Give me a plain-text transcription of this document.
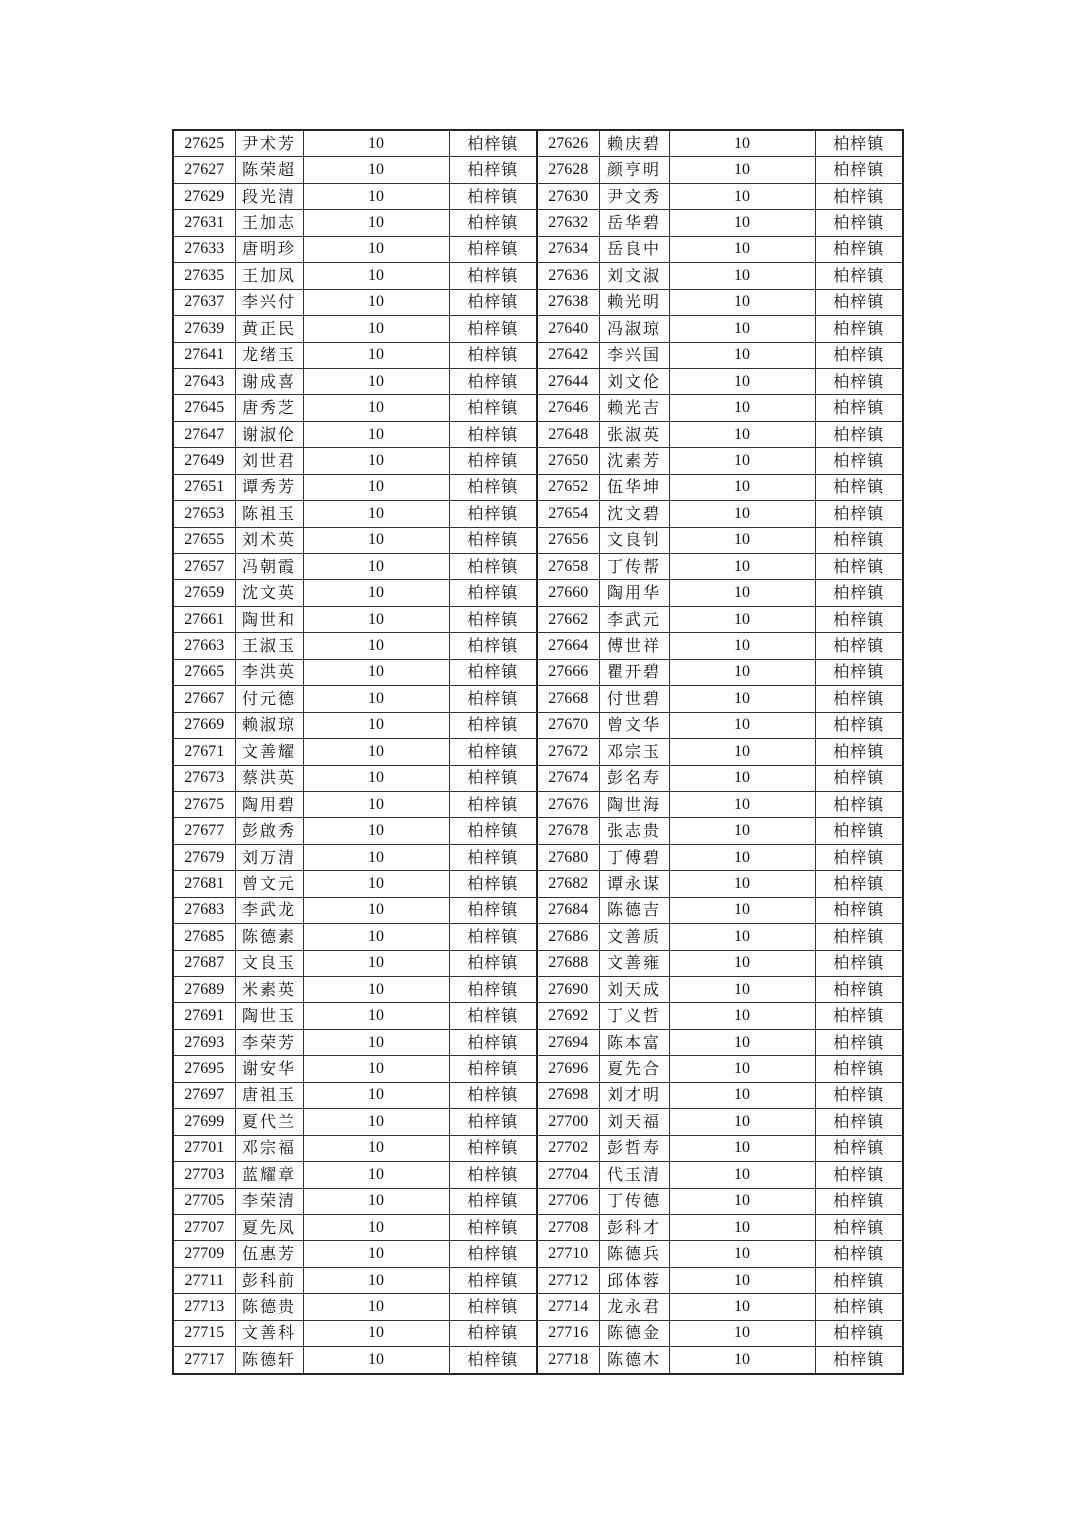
27625	尹术芳	10	柏梓镇	27626	赖庆碧	10	柏梓镇
27627	陈荣超	10	柏梓镇	27628	颜亨明	10	柏梓镇
27629	段光清	10	柏梓镇	27630	尹文秀	10	柏梓镇
27631	王加志	10	柏梓镇	27632	岳华碧	10	柏梓镇
27633	唐明珍	10	柏梓镇	27634	岳良中	10	柏梓镇
27635	王加凤	10	柏梓镇	27636	刘文淑	10	柏梓镇
27637	李兴付	10	柏梓镇	27638	赖光明	10	柏梓镇
27639	黄正民	10	柏梓镇	27640	冯淑琼	10	柏梓镇
27641	龙绪玉	10	柏梓镇	27642	李兴国	10	柏梓镇
27643	谢成喜	10	柏梓镇	27644	刘文伦	10	柏梓镇
27645	唐秀芝	10	柏梓镇	27646	赖光吉	10	柏梓镇
27647	谢淑伦	10	柏梓镇	27648	张淑英	10	柏梓镇
27649	刘世君	10	柏梓镇	27650	沈素芳	10	柏梓镇
27651	谭秀芳	10	柏梓镇	27652	伍华坤	10	柏梓镇
27653	陈祖玉	10	柏梓镇	27654	沈文碧	10	柏梓镇
27655	刘术英	10	柏梓镇	27656	文良钊	10	柏梓镇
27657	冯朝霞	10	柏梓镇	27658	丁传帮	10	柏梓镇
27659	沈文英	10	柏梓镇	27660	陶用华	10	柏梓镇
27661	陶世和	10	柏梓镇	27662	李武元	10	柏梓镇
27663	王淑玉	10	柏梓镇	27664	傅世祥	10	柏梓镇
27665	李洪英	10	柏梓镇	27666	瞿开碧	10	柏梓镇
27667	付元德	10	柏梓镇	27668	付世碧	10	柏梓镇
27669	赖淑琼	10	柏梓镇	27670	曾文华	10	柏梓镇
27671	文善耀	10	柏梓镇	27672	邓宗玉	10	柏梓镇
27673	蔡洪英	10	柏梓镇	27674	彭名寿	10	柏梓镇
27675	陶用碧	10	柏梓镇	27676	陶世海	10	柏梓镇
27677	彭啟秀	10	柏梓镇	27678	张志贵	10	柏梓镇
27679	刘万清	10	柏梓镇	27680	丁傅碧	10	柏梓镇
27681	曾文元	10	柏梓镇	27682	谭永谋	10	柏梓镇
27683	李武龙	10	柏梓镇	27684	陈德吉	10	柏梓镇
27685	陈德素	10	柏梓镇	27686	文善质	10	柏梓镇
27687	文良玉	10	柏梓镇	27688	文善雍	10	柏梓镇
27689	米素英	10	柏梓镇	27690	刘天成	10	柏梓镇
27691	陶世玉	10	柏梓镇	27692	丁义哲	10	柏梓镇
27693	李荣芳	10	柏梓镇	27694	陈本富	10	柏梓镇
27695	谢安华	10	柏梓镇	27696	夏先合	10	柏梓镇
27697	唐祖玉	10	柏梓镇	27698	刘才明	10	柏梓镇
27699	夏代兰	10	柏梓镇	27700	刘天福	10	柏梓镇
27701	邓宗福	10	柏梓镇	27702	彭哲寿	10	柏梓镇
27703	蓝耀章	10	柏梓镇	27704	代玉清	10	柏梓镇
27705	李荣清	10	柏梓镇	27706	丁传德	10	柏梓镇
27707	夏先凤	10	柏梓镇	27708	彭科才	10	柏梓镇
27709	伍惠芳	10	柏梓镇	27710	陈德兵	10	柏梓镇
27711	彭科前	10	柏梓镇	27712	邱体蓉	10	柏梓镇
27713	陈德贵	10	柏梓镇	27714	龙永君	10	柏梓镇
27715	文善科	10	柏梓镇	27716	陈德金	10	柏梓镇
27717	陈德轩	10	柏梓镇	27718	陈德木	10	柏梓镇
